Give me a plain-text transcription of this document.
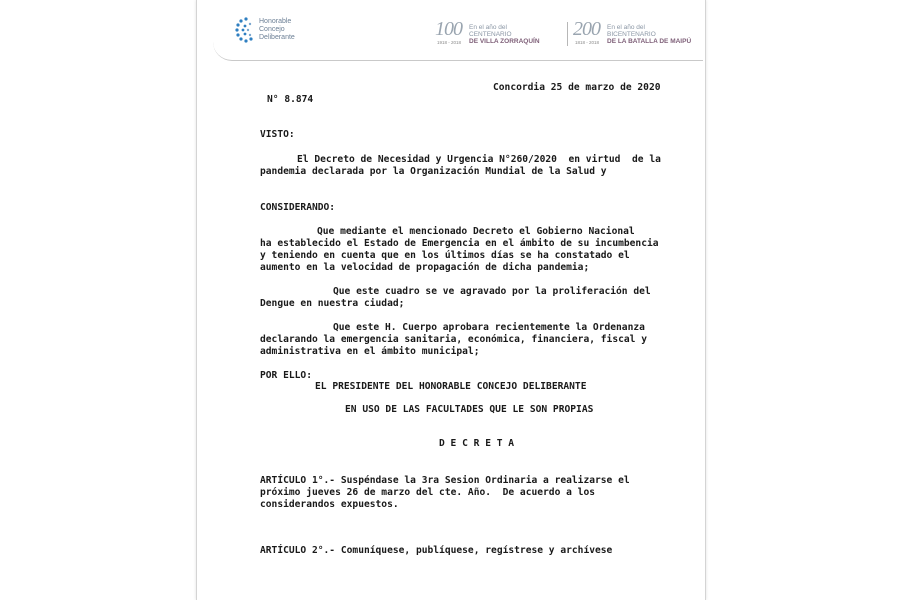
Honorable
Concejo
Deliberante	100
1918 - 2018
En el año del
CENTENARIO
DE VILLA ZORRAQUÍN
200
1818 - 2018
En el año del
BICENTENARIO
DE LA BATALLA DE MAIPÚ
Concordia 25 de marzo de 2020
N° 8.874
VISTO:
El Decreto de Necesidad y Urgencia N°260/2020  en virtud  de la
pandemia declarada por la Organización Mundial de la Salud y
CONSIDERANDO:
Que mediante el mencionado Decreto el Gobierno Nacional
ha establecido el Estado de Emergencia en el ámbito de su incumbencia
y teniendo en cuenta que en los últimos días se ha constatado el
aumento en la velocidad de propagación de dicha pandemia;
Que este cuadro se ve agravado por la proliferación del
Dengue en nuestra ciudad;
Que este H. Cuerpo aprobara recientemente la Ordenanza
declarando la emergencia sanitaria, económica, financiera, fiscal y
administrativa en el ámbito municipal;
POR ELLO:
EL PRESIDENTE DEL HONORABLE CONCEJO DELIBERANTE
EN USO DE LAS FACULTADES QUE LE SON PROPIAS
D E C R E T A
ARTÍCULO 1°.- Suspéndase la 3ra Sesion Ordinaria a realizarse el
próximo jueves 26 de marzo del cte. Año.  De acuerdo a los
considerandos expuestos.
ARTÍCULO 2°.- Comuníquese, publíquese, regístrese y archívese
